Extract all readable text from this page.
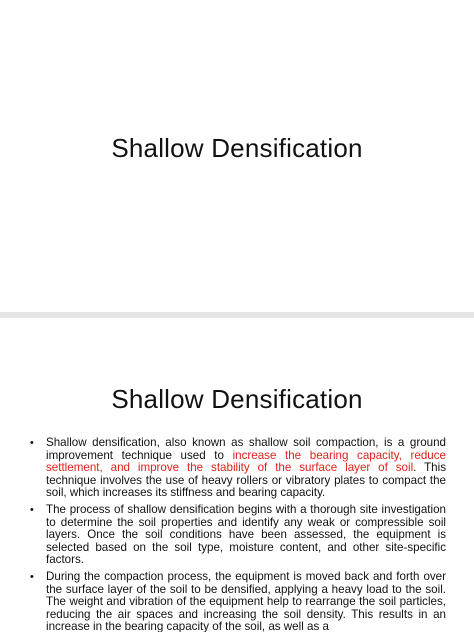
Shallow Densification
Shallow Densification
• Shallow densification, also known as shallow soil compaction, is a ground improvement technique used to increase the bearing capacity, reduce settlement, and improve the stability of the surface layer of soil. This technique involves the use of heavy rollers or vibratory plates to compact the soil, which increases its stiffness and bearing capacity.
• The process of shallow densification begins with a thorough site investigation to determine the soil properties and identify any weak or compressible soil layers. Once the soil conditions have been assessed, the equipment is selected based on the soil type, moisture content, and other site-specific factors.
• During the compaction process, the equipment is moved back and forth over the surface layer of the soil to be densified, applying a heavy load to the soil. The weight and vibration of the equipment help to rearrange the soil particles, reducing the air spaces and increasing the soil density. This results in an increase in the bearing capacity of the soil, as well as a
